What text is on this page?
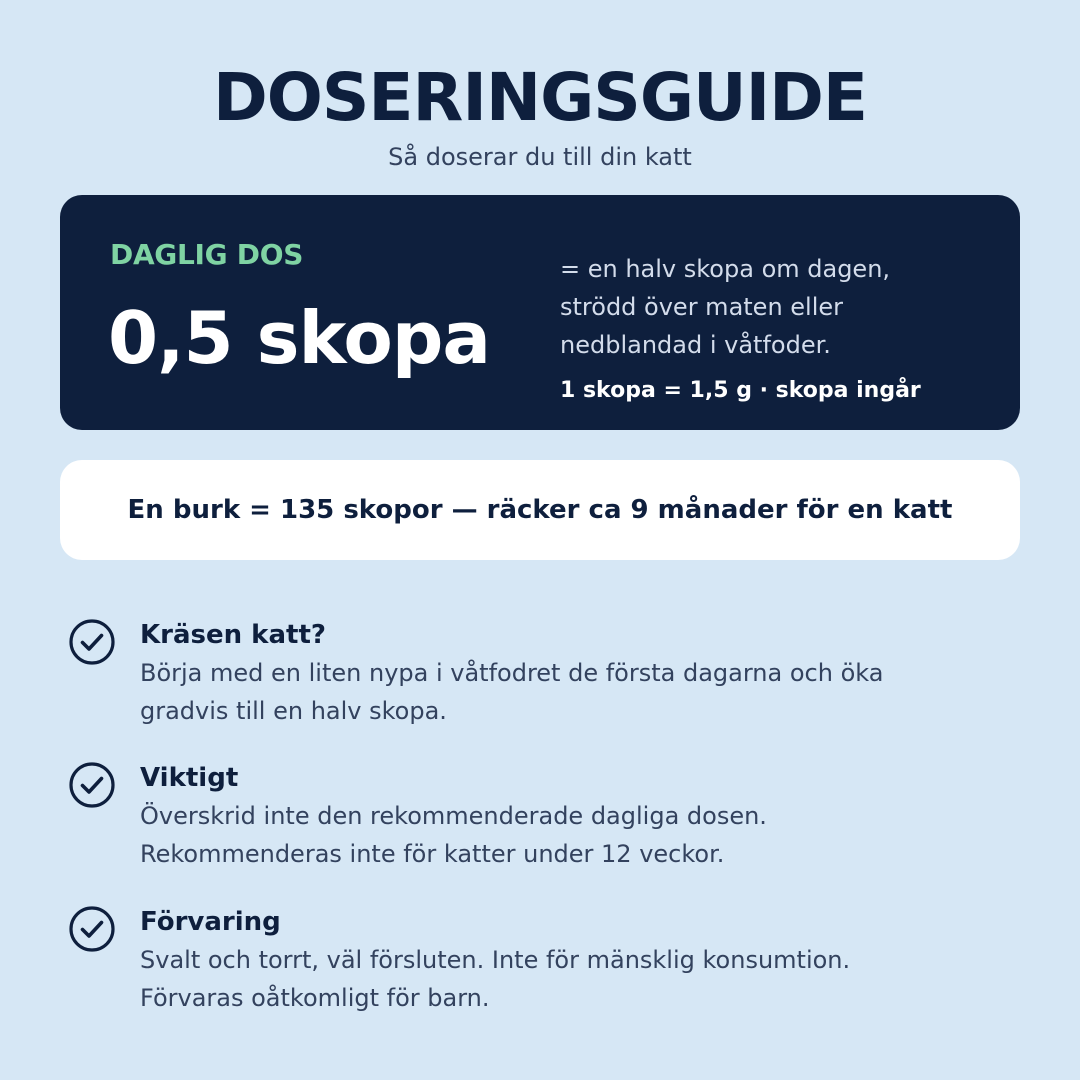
DOSERINGSGUIDE
Så doserar du till din katt
DAGLIG DOS
0,5 skopa
= en halv skopa om dagen,
strödd över maten eller
nedblandad i våtfoder.
1 skopa = 1,5 g · skopa ingår
En burk = 135 skopor — räcker ca 9 månader för en katt
Kräsen katt?
Börja med en liten nypa i våtfodret de första dagarna och öka
gradvis till en halv skopa.
Viktigt
Överskrid inte den rekommenderade dagliga dosen.
Rekommenderas inte för katter under 12 veckor.
Förvaring
Svalt och torrt, väl försluten. Inte för mänsklig konsumtion.
Förvaras oåtkomligt för barn.
